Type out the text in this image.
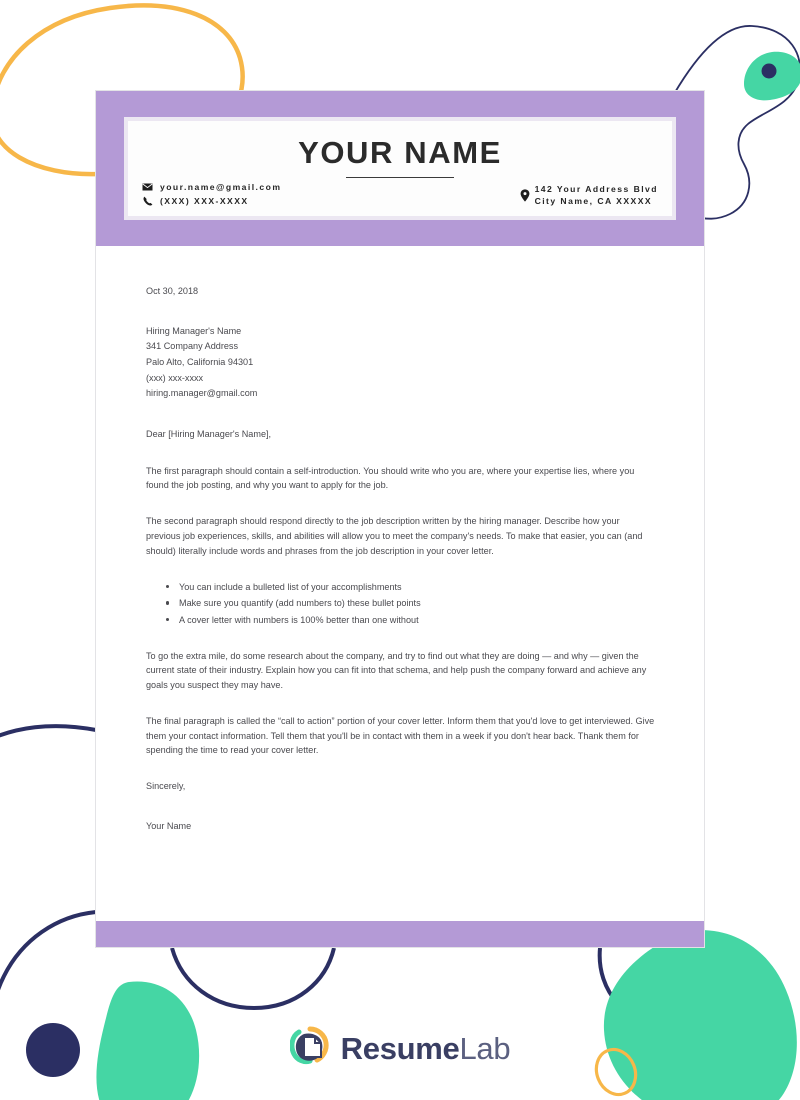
YOUR NAME
your.name@gmail.com
(XXX) XXX-XXXX
142 Your Address Blvd
City Name, CA XXXXX
Oct 30, 2018
Hiring Manager's Name
341 Company Address
Palo Alto, California 94301
(xxx) xxx-xxxx
hiring.manager@gmail.com
Dear [Hiring Manager's Name],
The first paragraph should contain a self-introduction. You should write who you are, where your expertise lies, where you found the job posting, and why you want to apply for the job.
The second paragraph should respond directly to the job description written by the hiring manager. Describe how your previous job experiences, skills, and abilities will allow you to meet the company's needs. To make that easier, you can (and should) literally include words and phrases from the job description in your cover letter.
You can include a bulleted list of your accomplishments
Make sure you quantify (add numbers to) these bullet points
A cover letter with numbers is 100% better than one without
To go the extra mile, do some research about the company, and try to find out what they are doing — and why — given the current state of their industry. Explain how you can fit into that schema, and help push the company forward and achieve any goals you suspect they may have.
The final paragraph is called the “call to action” portion of your cover letter. Inform them that you'd love to get interviewed. Give them your contact information. Tell them that you'll be in contact with them in a week if you don't hear back. Thank them for spending the time to read your cover letter.
Sincerely,
Your Name
ResumeLab
